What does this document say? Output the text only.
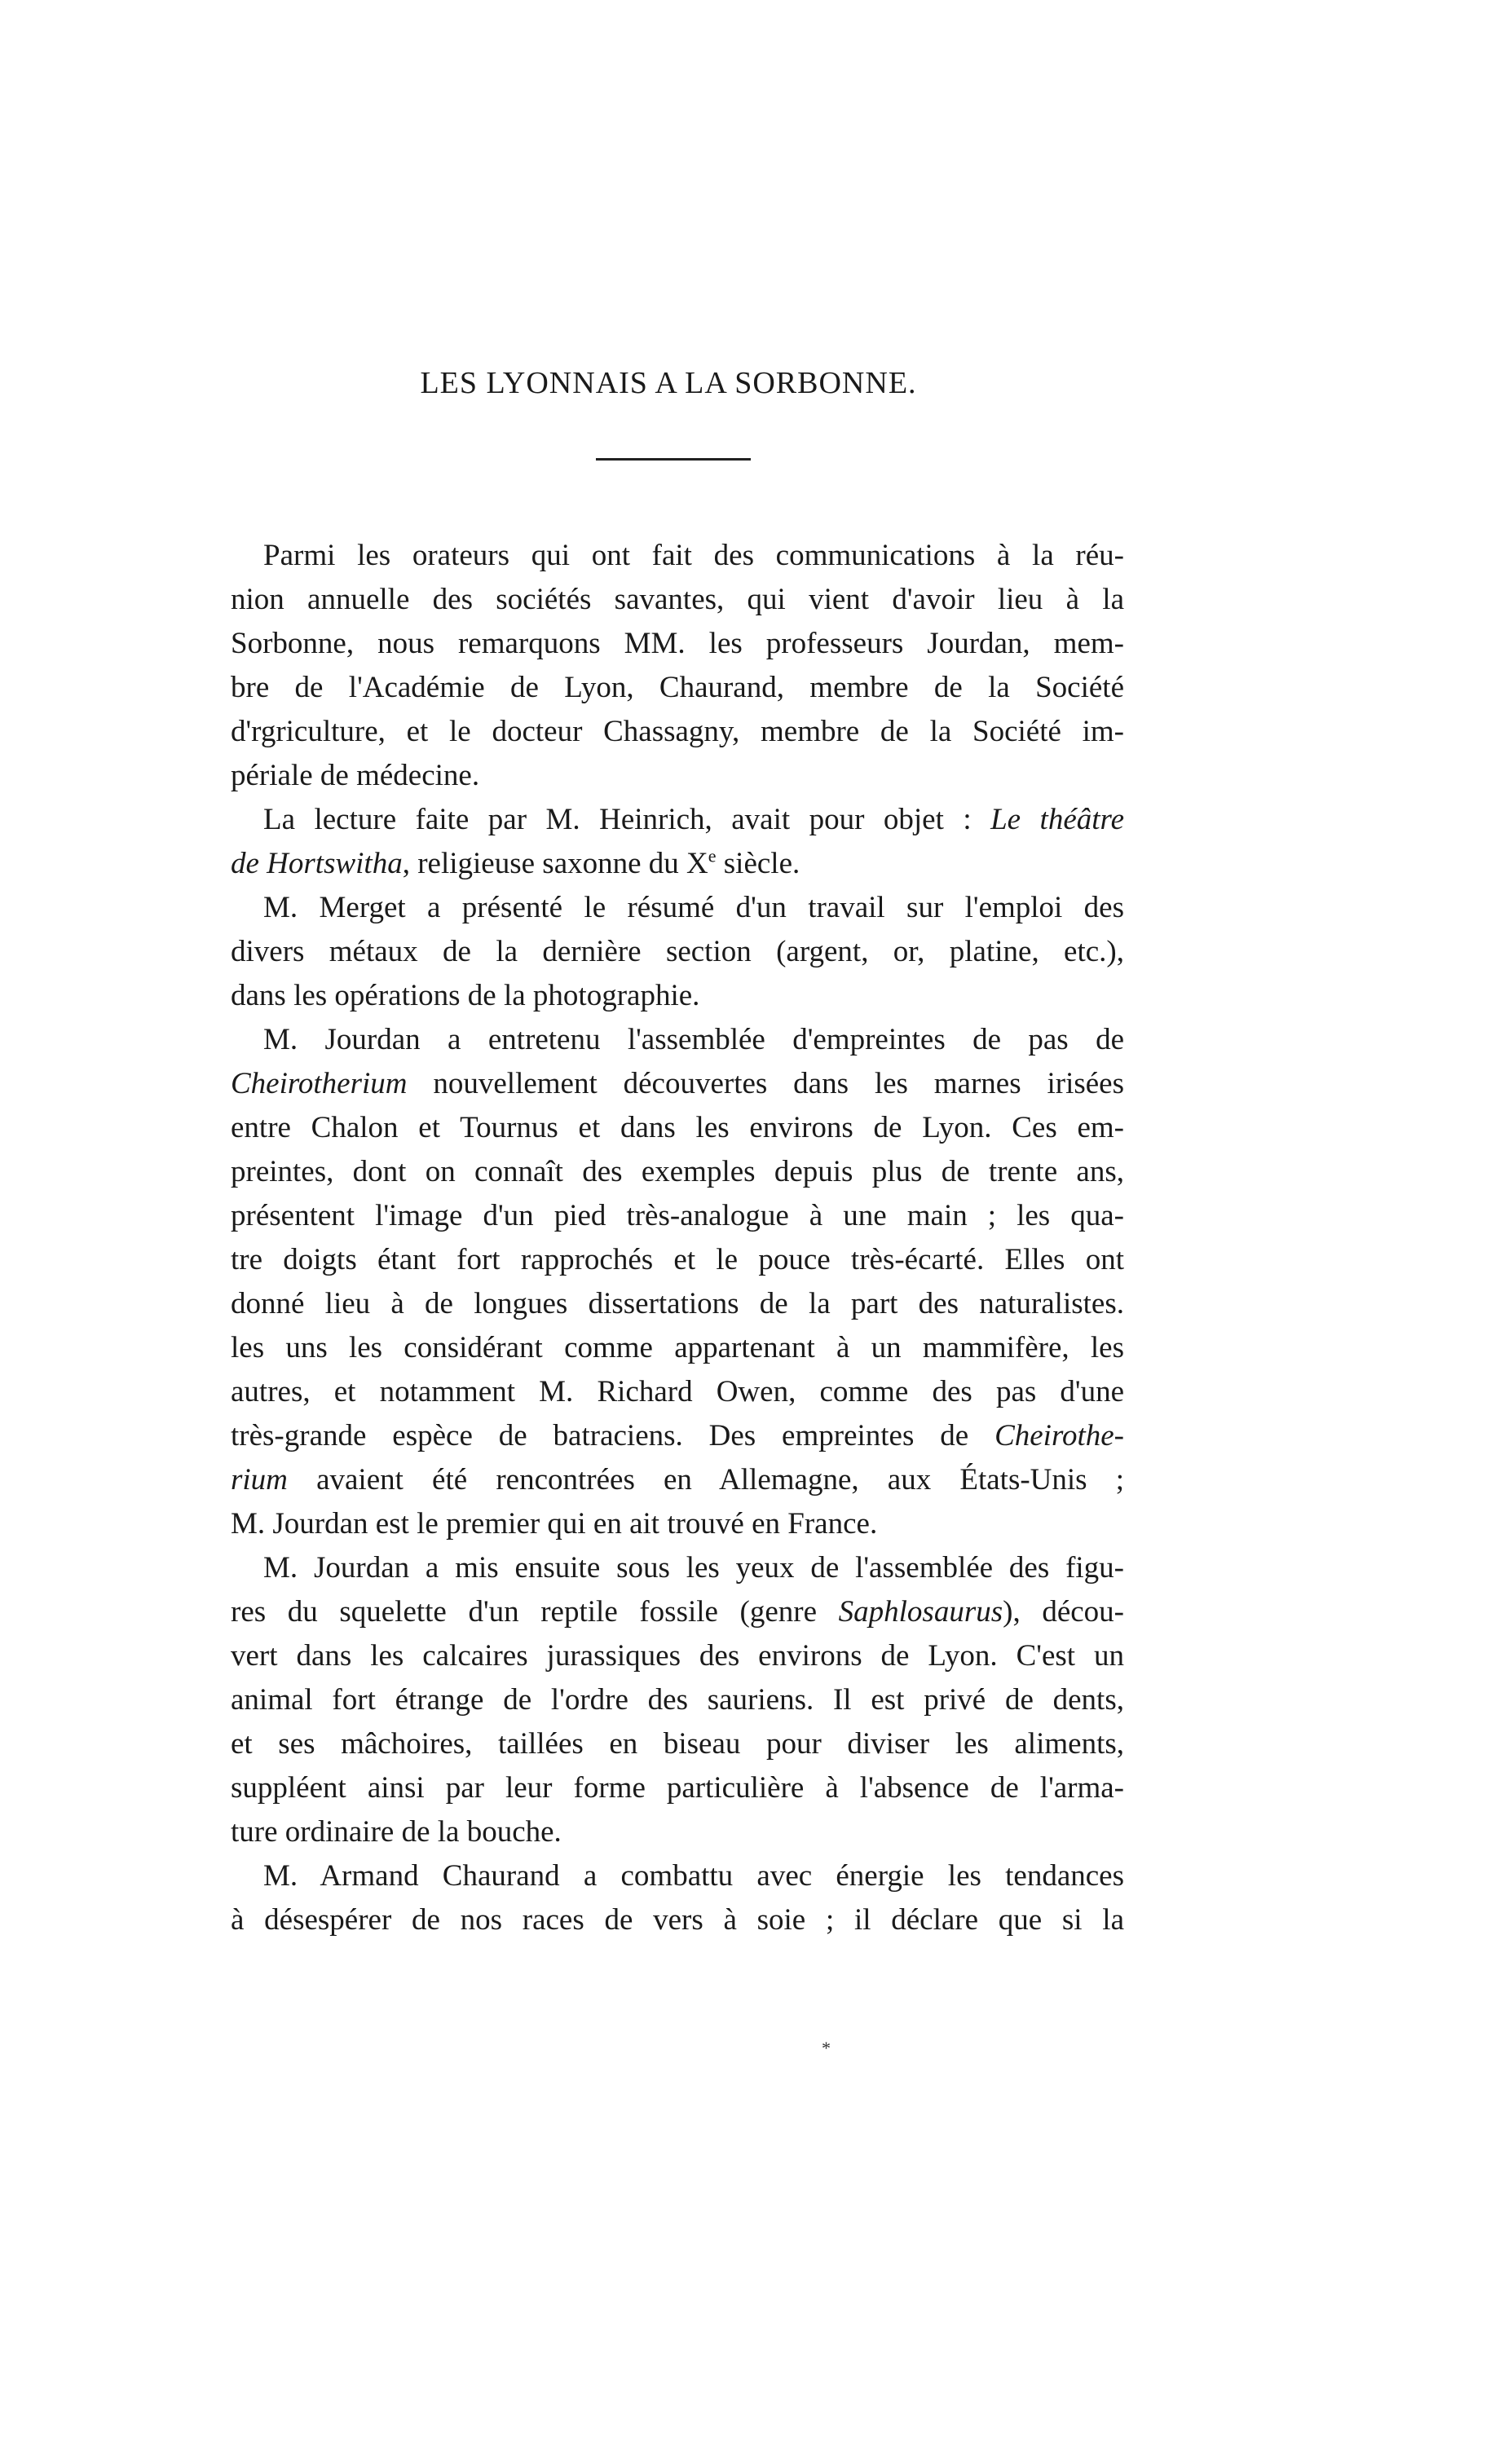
LES LYONNAIS A LA SORBONNE.
Parmi les orateurs qui ont fait des communications à la réu-
nion annuelle des sociétés savantes, qui vient d'avoir lieu à la
Sorbonne, nous remarquons MM. les professeurs Jourdan, mem-
bre de l'Académie de Lyon, Chaurand, membre de la Société
d'rgriculture, et le docteur Chassagny, membre de la Société im-
périale de médecine.
La lecture faite par M. Heinrich, avait pour objet : Le théâtre
de Hortswitha, religieuse saxonne du Xe siècle.
M. Merget a présenté le résumé d'un travail sur l'emploi des
divers métaux de la dernière section (argent, or, platine, etc.),
dans les opérations de la photographie.
M. Jourdan a entretenu l'assemblée d'empreintes de pas de
Cheirotherium nouvellement découvertes dans les marnes irisées
entre Chalon et Tournus et dans les environs de Lyon. Ces em-
preintes, dont on connaît des exemples depuis plus de trente ans,
présentent l'image d'un pied très-analogue à une main ; les qua-
tre doigts étant fort rapprochés et le pouce très-écarté. Elles ont
donné lieu à de longues dissertations de la part des naturalistes.
les uns les considérant comme appartenant à un mammifère, les
autres, et notamment M. Richard Owen, comme des pas d'une
très-grande espèce de batraciens. Des empreintes de Cheirothe-
rium avaient été rencontrées en Allemagne, aux États-Unis ;
M. Jourdan est le premier qui en ait trouvé en France.
M. Jourdan a mis ensuite sous les yeux de l'assemblée des figu-
res du squelette d'un reptile fossile (genre Saphlosaurus), décou-
vert dans les calcaires jurassiques des environs de Lyon. C'est un
animal fort étrange de l'ordre des sauriens. Il est privé de dents,
et ses mâchoires, taillées en biseau pour diviser les aliments,
suppléent ainsi par leur forme particulière à l'absence de l'arma-
ture ordinaire de la bouche.
M. Armand Chaurand a combattu avec énergie les tendances
à désespérer de nos races de vers à soie ; il déclare que si la
*
